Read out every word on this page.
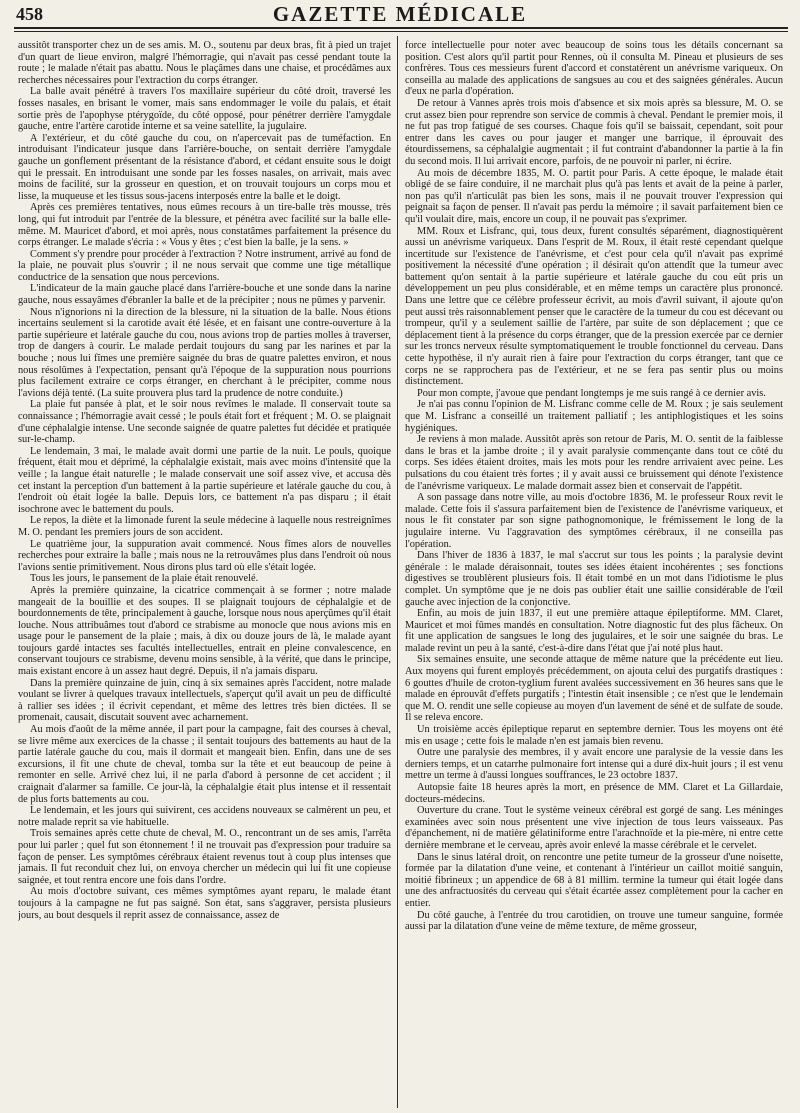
458	GAZETTE MÉDICALE

aussitôt transporter chez un de ses amis. M. O., soutenu par deux bras, fit à pied un trajet d'un quart de lieue environ, malgré l'hémorragie, qui n'avait pas cessé pendant toute la route ; le malade n'était pas abattu. Nous le plaçâmes dans une chaise, et procédâmes aux recherches nécessaires pour l'extraction du corps étranger.

La balle avait pénétré à travers l'os maxillaire supérieur du côté droit, traversé les fosses nasales, en brisant le vomer, mais sans endommager le voile du palais, et était sortie près de l'apophyse ptérygoïde, du côté opposé, pour pénétrer derrière l'amygdale gauche, entre l'artère carotide interne et sa veine satellite, la jugulaire.

A l'extérieur, et du côté gauche du cou, on n'apercevait pas de tuméfaction. En introduisant l'indicateur jusque dans l'arrière-bouche, on sentait derrière l'amygdale gauche un gonflement présentant de la résistance d'abord, et cédant ensuite sous le doigt qui le pressait. En introduisant une sonde par les fosses nasales, on arrivait, mais avec moins de facilité, sur la grosseur en question, et on trouvait toujours un corps mou et lisse, la muqueuse et les tissus sous-jacens interposés entre la balle et le doigt.

Après ces premières tentatives, nous eûmes recours à un tire-balle très mousse, très long, qui fut introduit par l'entrée de la blessure, et pénétra avec facilité sur la balle elle-même. M. Mauricet d'abord, et moi après, nous constatâmes parfaitement la présence du corps étranger. Le malade s'écria : « Vous y êtes ; c'est bien la balle, je la sens. »

Comment s'y prendre pour procéder à l'extraction ? Notre instrument, arrivé au fond de la plaie, ne pouvait plus s'ouvrir ; il ne nous servait que comme une tige métallique conductrice de la sensation que nous percevions.

L'indicateur de la main gauche placé dans l'arrière-bouche et une sonde dans la narine gauche, nous essayâmes d'ébranler la balle et de la précipiter ; nous ne pûmes y parvenir.

Nous n'ignorions ni la direction de la blessure, ni la situation de la balle. Nous étions incertains seulement si la carotide avait été lésée, et en faisant une contre-ouverture à la partie supérieure et latérale gauche du cou, nous avions trop de parties molles à traverser, trop de dangers à courir. Le malade perdait toujours du sang par les narines et par la bouche ; nous lui fîmes une première saignée du bras de quatre palettes environ, et nous nous résolûmes à l'expectation, pensant qu'à l'époque de la suppuration nous pourrions plus facilement extraire ce corps étranger, en cherchant à le précipiter, comme nous l'avions déjà tenté. (La suite prouvera plus tard la prudence de notre conduite.)

La plaie fut pansée à plat, et le soir nous revîmes le malade. Il conservait toute sa connaissance ; l'hémorragie avait cessé ; le pouls était fort et fréquent ; M. O. se plaignait d'une céphalalgie intense. Une seconde saignée de quatre palettes fut décidée et pratiquée sur-le-champ.

Le lendemain, 3 mai, le malade avait dormi une partie de la nuit. Le pouls, quoique fréquent, était mou et déprimé, la céphalalgie existait, mais avec moins d'intensité que la veille ; la langue était naturelle ; le malade conservait une soif assez vive, et accusa dès cet instant la perception d'un battement à la partie supérieure et latérale gauche du cou, à l'endroit où était logée la balle. Depuis lors, ce battement n'a pas disparu ; il était isochrone avec le battement du pouls.

Le repos, la diète et la limonade furent la seule médecine à laquelle nous restreignîmes M. O. pendant les premiers jours de son accident.

Le quatrième jour, la suppuration avait commencé. Nous fîmes alors de nouvelles recherches pour extraire la balle ; mais nous ne la retrouvâmes plus dans l'endroit où nous l'avions sentie primitivement. Nous dirons plus tard où elle s'était logée.

Tous les jours, le pansement de la plaie était renouvelé.

Après la première quinzaine, la cicatrice commençait à se former ; notre malade mangeait de la bouillie et des soupes. Il se plaignait toujours de céphalalgie et de bourdonnements de tête, principalement à gauche, lorsque nous nous aperçûmes qu'il était louche. Nous attribuâmes tout d'abord ce strabisme au monocle que nous avions mis en usage pour le pansement de la plaie ; mais, à dix ou douze jours de là, le malade ayant toujours gardé intactes ses facultés intellectuelles, entrait en pleine convalescence, en conservant toujours ce strabisme, devenu moins sensible, à la vérité, que dans le principe, mais existant encore à un assez haut degré. Depuis, il n'a jamais disparu.

Dans la première quinzaine de juin, cinq à six semaines après l'accident, notre malade voulant se livrer à quelques travaux intellectuels, s'aperçut qu'il avait un peu de difficulté à rallier ses idées ; il écrivit cependant, et même des lettres très bien dictées. Il se promenait, causait, discutait souvent avec acharnement.

Au mois d'août de la même année, il part pour la campagne, fait des courses à cheval, se livre même aux exercices de la chasse ; il sentait toujours des battements au haut de la partie latérale gauche du cou, mais il dormait et mangeait bien. Enfin, dans une de ses excursions, il fit une chute de cheval, tomba sur la tête et eut beaucoup de peine à remonter en selle. Arrivé chez lui, il ne parla d'abord à personne de cet accident ; il craignait d'alarmer sa famille. Ce jour-là, la céphalalgie était plus intense et il ressentait de plus forts battements au cou.

Le lendemain, et les jours qui suivirent, ces accidens nouveaux se calmèrent un peu, et notre malade reprit sa vie habituelle.

Trois semaines après cette chute de cheval, M. O., rencontrant un de ses amis, l'arrêta pour lui parler ; quel fut son étonnement ! il ne trouvait pas d'expression pour traduire sa façon de penser. Les symptômes cérébraux étaient revenus tout à coup plus intenses que jamais. Il fut reconduit chez lui, on envoya chercher un médecin qui lui fit une copieuse saignée, et tout rentra encore une fois dans l'ordre.

Au mois d'octobre suivant, ces mêmes symptômes ayant reparu, le malade étant toujours à la campagne ne fut pas saigné. Son état, sans s'aggraver, persista plusieurs jours, au bout desquels il reprit assez de connaissance, assez de

force intellectuelle pour noter avec beaucoup de soins tous les détails concernant sa position. C'est alors qu'il partit pour Rennes, où il consulta M. Pineau et plusieurs de ses confrères. Tous ces messieurs furent d'accord et constatèrent un anévrisme variqueux. On conseilla au malade des applications de sangsues au cou et des saignées générales. Aucun d'eux ne parla d'opération.

De retour à Vannes après trois mois d'absence et six mois après sa blessure, M. O. se crut assez bien pour reprendre son service de commis à cheval. Pendant le premier mois, il ne fut pas trop fatigué de ses courses. Chaque fois qu'il se baissait, cependant, soit pour entrer dans les caves ou pour jauger et manger une barrique, il éprouvait des étourdissemens, sa céphalalgie augmentait ; il fut contraint d'abandonner la partie à la fin du second mois. Il lui arrivait encore, parfois, de ne pouvoir ni parler, ni écrire.

Au mois de décembre 1835, M. O. partit pour Paris. A cette époque, le malade était obligé de se faire conduire, il ne marchait plus qu'à pas lents et avait de la peine à parler, non pas qu'il n'articulât pas bien les sons, mais il ne pouvait trouver l'expression qui peignait sa façon de penser. Il n'avait pas perdu la mémoire ; il savait parfaitement bien ce qu'il voulait dire, mais, encore un coup, il ne pouvait pas s'exprimer.

MM. Roux et Lisfranc, qui, tous deux, furent consultés séparément, diagnostiquèrent aussi un anévrisme variqueux. Dans l'esprit de M. Roux, il était resté cependant quelque incertitude sur l'existence de l'anévrisme, et c'est pour cela qu'il n'avait pas exprimé positivement la nécessité d'une opération ; il désirait qu'on attendît que la tumeur avec battement qu'on sentait à la partie supérieure et latérale gauche du cou eût pris un développement un peu plus considérable, et en même temps un caractère plus prononcé. Dans une lettre que ce célèbre professeur écrivit, au mois d'avril suivant, il ajoute qu'on peut aussi très raisonnablement penser que le caractère de la tumeur du cou est décevant ou trompeur, qu'il y a seulement saillie de l'artère, par suite de son déplacement ; que ce déplacement tient à la présence du corps étranger, que de la pression exercée par ce dernier sur les troncs nerveux résulte symptomatiquement le trouble fonctionnel du cerveau. Dans cette hypothèse, il n'y aurait rien à faire pour l'extraction du corps étranger, tant que ce corps ne se rapprochera pas de l'extérieur, et ne se fera pas sentir plus ou moins distinctement.

Pour mon compte, j'avoue que pendant longtemps je me suis rangé à ce dernier avis.

Je n'ai pas connu l'opinion de M. Lisfranc comme celle de M. Roux ; je sais seulement que M. Lisfranc a conseillé un traitement palliatif ; les antiphlogistiques et les soins hygiéniques.

Je reviens à mon malade. Aussitôt après son retour de Paris, M. O. sentit de la faiblesse dans le bras et la jambe droite ; il y avait paralysie commençante dans tout ce côté du corps. Ses idées étaient droites, mais les mots pour les rendre arrivaient avec peine. Les pulsations du cou étaient très fortes ; il y avait aussi ce bruissement qui dénote l'existence de l'anévrisme variqueux. Le malade dormait assez bien et conservait de l'appétit.

A son passage dans notre ville, au mois d'octobre 1836, M. le professeur Roux revit le malade. Cette fois il s'assura parfaitement bien de l'existence de l'anévrisme variqueux, et nous le fit constater par son signe pathognomonique, le frémissement le long de la jugulaire interne. Vu l'aggravation des symptômes cérébraux, il ne conseilla pas l'opération.

Dans l'hiver de 1836 à 1837, le mal s'accrut sur tous les points ; la paralysie devint générale : le malade déraisonnait, toutes ses idées étaient incohérentes ; ses fonctions digestives se troublèrent plusieurs fois. Il était tombé en un mot dans l'idiotisme le plus complet. Un symptôme que je ne dois pas oublier était une saillie considérable de l'œil gauche avec injection de la conjonctive.

Enfin, au mois de juin 1837, il eut une première attaque épileptiforme. MM. Claret, Mauricet et moi fûmes mandés en consultation. Notre diagnostic fut des plus fâcheux. On fit une application de sangsues le long des jugulaires, et le soir une saignée du bras. Le malade revint un peu à la santé, c'est-à-dire dans l'état que j'ai noté plus haut.

Six semaines ensuite, une seconde attaque de même nature que la précédente eut lieu. Aux moyens qui furent employés précédemment, on ajouta celui des purgatifs drastiques : 6 gouttes d'huile de croton-tyglium furent avalées successivement en 36 heures sans que le malade en éprouvât d'effets purgatifs ; l'intestin était insensible ; ce n'est que le lendemain que M. O. rendit une selle copieuse au moyen d'un lavement de séné et de sulfate de soude. Il se releva encore.

Un troisième accès épileptique reparut en septembre dernier. Tous les moyens ont été mis en usage ; cette fois le malade n'en est jamais bien revenu.

Outre une paralysie des membres, il y avait encore une paralysie de la vessie dans les derniers temps, et un catarrhe pulmonaire fort intense qui a duré dix-huit jours ; il est venu mettre un terme à d'aussi longues souffrances, le 23 octobre 1837.

Autopsie faite 18 heures après la mort, en présence de MM. Claret et La Gillardaie, docteurs-médecins.

Ouverture du crane. Tout le système veineux cérébral est gorgé de sang. Les méninges examinées avec soin nous présentent une vive injection de tous leurs vaisseaux. Pas d'épanchement, ni de matière gélatiniforme entre l'arachnoïde et la pie-mère, ni entre cette dernière membrane et le cerveau, après avoir enlevé la masse cérébrale et le cervelet.

Dans le sinus latéral droit, on rencontre une petite tumeur de la grosseur d'une noisette, formée par la dilatation d'une veine, et contenant à l'intérieur un caillot moitié sanguin, moitié fibrineux ; un appendice de 68 à 81 millim. termine la tumeur qui était logée dans une des anfractuosités du cerveau qui s'était écartée assez complètement pour la cacher en entier.

Du côté gauche, à l'entrée du trou carotidien, on trouve une tumeur sanguine, formée aussi par la dilatation d'une veine de même texture, de même grosseur,
